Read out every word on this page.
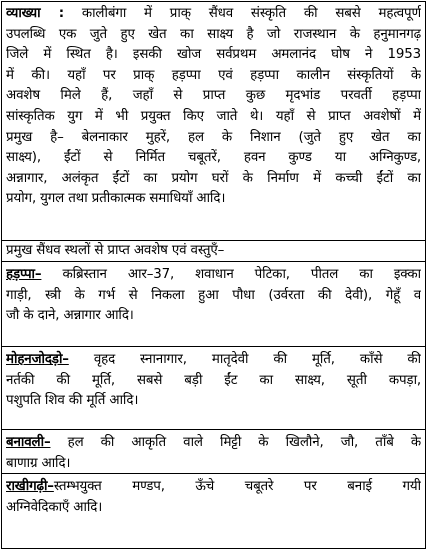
व्याख्या : कालीबंगा में प्राक् सैंधव संस्कृति की सबसे महत्वपूर्ण
उपलब्धि एक जुते हुए खेत का साक्ष्य है जो राजस्थान के हनुमानगढ़
जिले में स्थित है। इसकी खोज सर्वप्रथम अमलानंद घोष ने 1953
में की। यहाँ पर प्राक् हड़प्पा एवं हड़प्पा कालीन संस्कृतियों के
अवशेष मिले हैं, जहाँ से प्राप्त कुछ मृदभांड परवर्ती हड़प्पा
सांस्कृतिक युग में भी प्रयुक्त किए जाते थे। यहाँ से प्राप्त अवशेषों में
प्रमुख है– बेलनाकार मुहरें, हल के निशान (जुते हुए खेत का
साक्ष्य), ईंटों से निर्मित चबूतरें, हवन कुण्ड या अग्निकुण्ड,
अन्नागार, अलंकृत ईंटों का प्रयोग घरों के निर्माण में कच्ची ईंटों का
प्रयोग, युगल तथा प्रतीकात्मक समाधियाँ आदि।
प्रमुख सैंधव स्थलों से प्राप्त अवशेष एवं वस्तुएँ–
हड़प्पा– कब्रिस्तान आर–37, शवाधान पेटिका, पीतल का इक्का
गाड़ी, स्त्री के गर्भ से निकला हुआ पौधा (उर्वरता की देवी), गेहूँ व
जौ के दाने, अन्नागार आदि।
मोहनजोदड़ो– वृहद स्नानागार, मातृदेवी की मूर्ति, काँसे की
नर्तकी की मूर्ति, सबसे बड़ी ईंट का साक्ष्य, सूती कपड़ा,
पशुपति शिव की मूर्ति आदि।
बनावली– हल की आकृति वाले मिट्टी के खिलौने, जौ, ताँबे के
बाणाग्र आदि।
राखीगढ़ी–स्तम्भयुक्त मण्डप, ऊँचे चबूतरे पर बनाई गयी
अग्निवेदिकाएँ आदि।
